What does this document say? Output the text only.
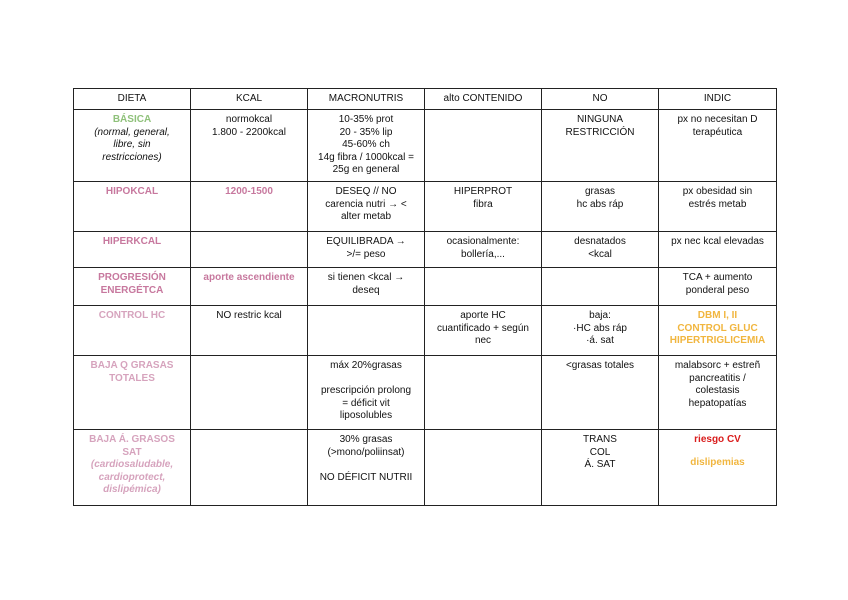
DIETA	KCAL	MACRONUTRIS	alto CONTENIDO	NO	INDIC

BÁSICA
(normal, general,
libre, sin
restricciones)	normokcal
1.800 - 2200kcal	10-35% prot
20 - 35% lip
45-60% ch
14g fibra / 1000kcal =
25g en general		NINGUNA
RESTRICCIÓN	px no necesitan D
terapéutica

HIPOKCAL	1200-1500	DESEQ // NO
carencia nutri → <
alter metab	HIPERPROT
fibra	grasas
hc abs ráp	px obesidad sin
estrés metab

HIPERKCAL		EQUILIBRADA →
>/= peso	ocasionalmente:
bollería,...	desnatados
<kcal	px nec kcal elevadas

PROGRESIÓN
ENERGÉTCA	aporte ascendiente	si tienen <kcal →
deseq			TCA + aumento
ponderal peso

CONTROL HC	NO restric kcal		aporte HC
cuantificado + según
nec	baja:
·HC abs ráp
·á. sat	DBM I, II
CONTROL GLUC
HIPERTRIGLICEMIA

BAJA Q GRASAS
TOTALES		máx 20%grasas

prescripción prolong
= déficit vit
liposolubles		<grasas totales	malabsorc + estreñ
pancreatitis /
colestasis
hepatopatías

BAJA Á. GRASOS
SAT
(cardiosaludable,
cardioprotect,
dislipémica)		30% grasas
(>mono/poliinsat)

NO DÉFICIT NUTRII		TRANS
COL
Á. SAT	riesgo CV
dislipemias
